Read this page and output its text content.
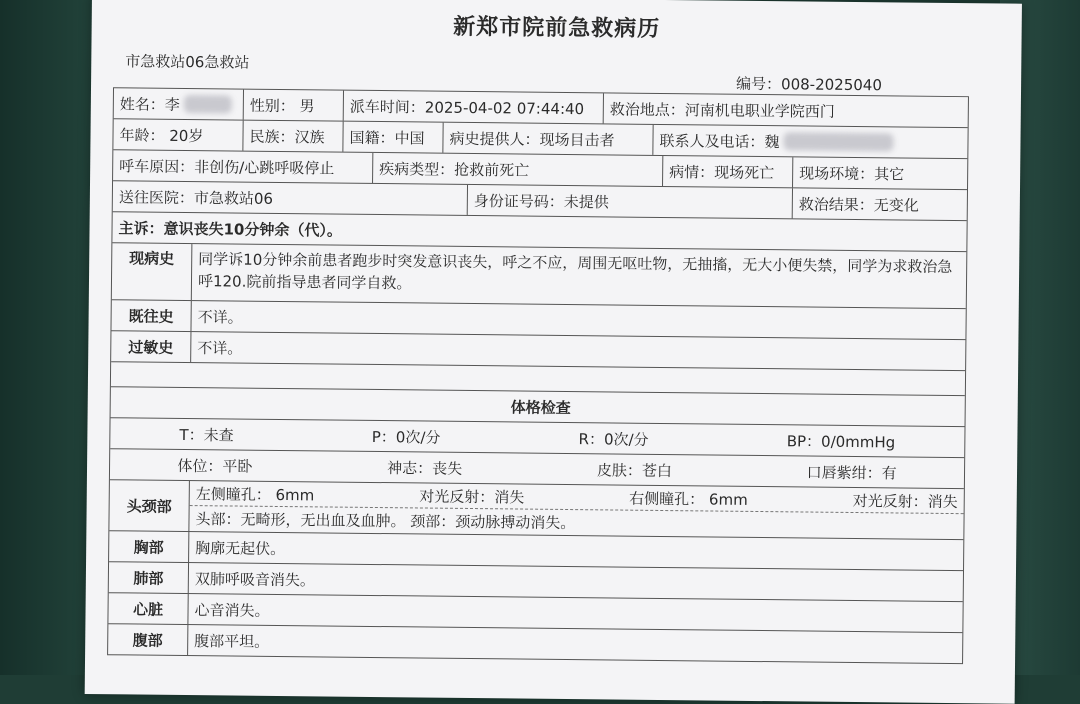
新郑市院前急救病历
市急救站06急救站
编号：008-2025040
姓名：李	性别： 男	派车时间：2025-04-02 07:44:40	救治地点：河南机电职业学院西门
年龄： 20岁	民族：汉族	国籍：中国	病史提供人：现场目击者	联系人及电话：魏
呼车原因：非创伤/心跳呼吸停止	疾病类型：抢救前死亡	病情：现场死亡	现场环境：其它
送往医院：市急救站06	身份证号码：未提供	救治结果：无变化
主诉：意识丧失10分钟余（代）。
现病史	同学诉10分钟余前患者跑步时突发意识丧失，呼之不应，周围无呕吐物，无抽搐，无大小便失禁，同学为求救治急呼120.院前指导患者同学自救。
既往史	不详。
过敏史	不详。
体格检查
T：未查	P：0次/分	R：0次/分	BP：0/0mmHg
体位：平卧	神志：丧失	皮肤：苍白	口唇紫绀：有
头颈部
左侧瞳孔： 6mm	对光反射：消失	右侧瞳孔： 6mm	对光反射：消失
头部：无畸形，无出血及血肿。 颈部：颈动脉搏动消失。
胸部	胸廓无起伏。
肺部	双肺呼吸音消失。
心脏	心音消失。
腹部	腹部平坦。
